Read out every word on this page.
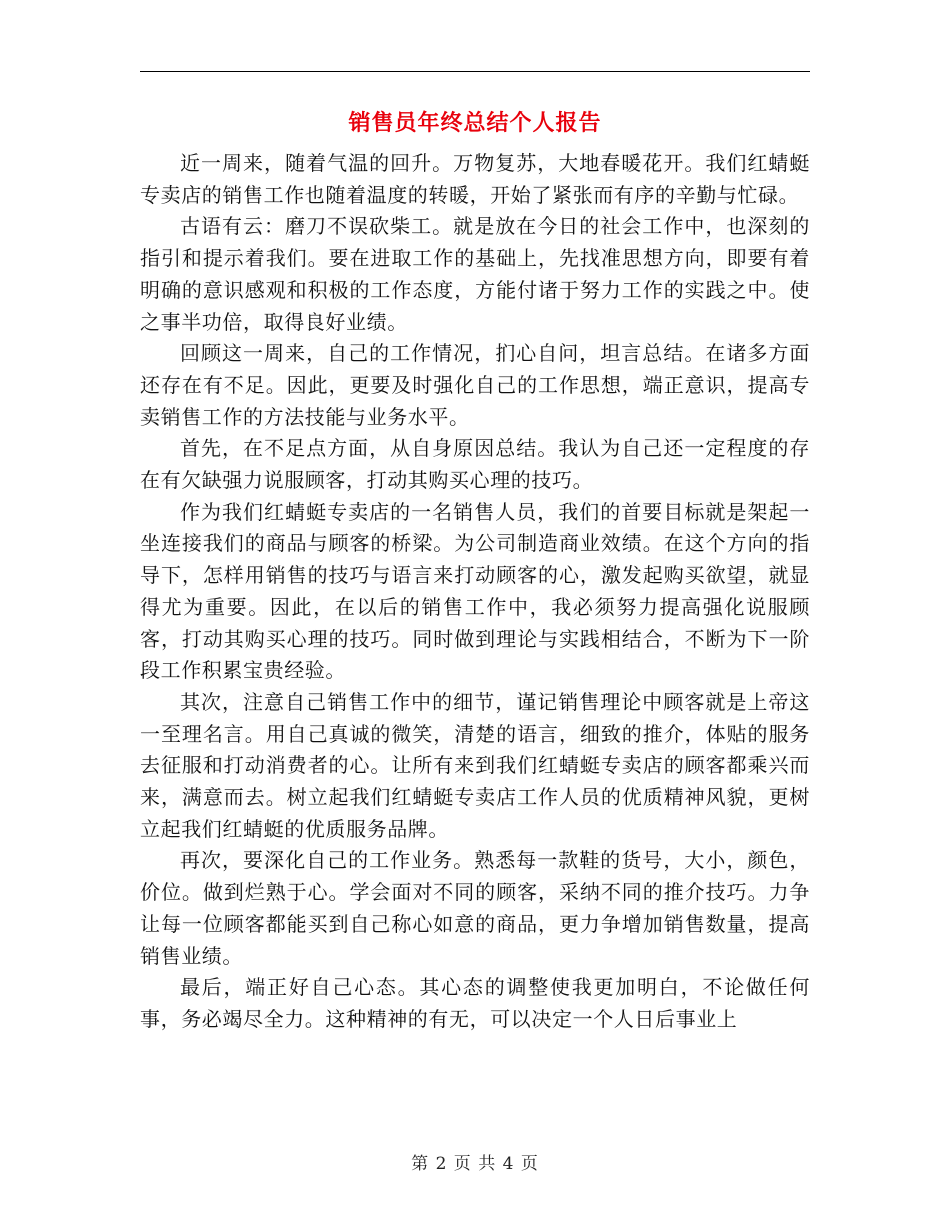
销售员年终总结个人报告

近一周来，随着气温的回升。万物复苏，大地春暖花开。我们红蜻蜓专卖店的销售工作也随着温度的转暖，开始了紧张而有序的辛勤与忙碌。

古语有云：磨刀不误砍柴工。就是放在今日的社会工作中，也深刻的指引和提示着我们。要在进取工作的基础上，先找准思想方向，即要有着明确的意识感观和积极的工作态度，方能付诸于努力工作的实践之中。使之事半功倍，取得良好业绩。

回顾这一周来，自己的工作情况，扪心自问，坦言总结。在诸多方面还存在有不足。因此，更要及时强化自己的工作思想，端正意识，提高专卖销售工作的方法技能与业务水平。

首先，在不足点方面，从自身原因总结。我认为自己还一定程度的存在有欠缺强力说服顾客，打动其购买心理的技巧。

作为我们红蜻蜓专卖店的一名销售人员，我们的首要目标就是架起一坐连接我们的商品与顾客的桥梁。为公司制造商业效绩。在这个方向的指导下，怎样用销售的技巧与语言来打动顾客的心，激发起购买欲望，就显得尤为重要。因此，在以后的销售工作中，我必须努力提高强化说服顾客，打动其购买心理的技巧。同时做到理论与实践相结合，不断为下一阶段工作积累宝贵经验。

其次，注意自己销售工作中的细节，谨记销售理论中顾客就是上帝这一至理名言。用自己真诚的微笑，清楚的语言，细致的推介，体贴的服务去征服和打动消费者的心。让所有来到我们红蜻蜓专卖店的顾客都乘兴而来，满意而去。树立起我们红蜻蜓专卖店工作人员的优质精神风貌，更树立起我们红蜻蜓的优质服务品牌。

再次，要深化自己的工作业务。熟悉每一款鞋的货号，大小，颜色，价位。做到烂熟于心。学会面对不同的顾客，采纳不同的推介技巧。力争让每一位顾客都能买到自己称心如意的商品，更力争增加销售数量，提高销售业绩。

最后，端正好自己心态。其心态的调整使我更加明白，不论做任何事，务必竭尽全力。这种精神的有无，可以决定一个人日后事业上

第 2 页 共 4 页
